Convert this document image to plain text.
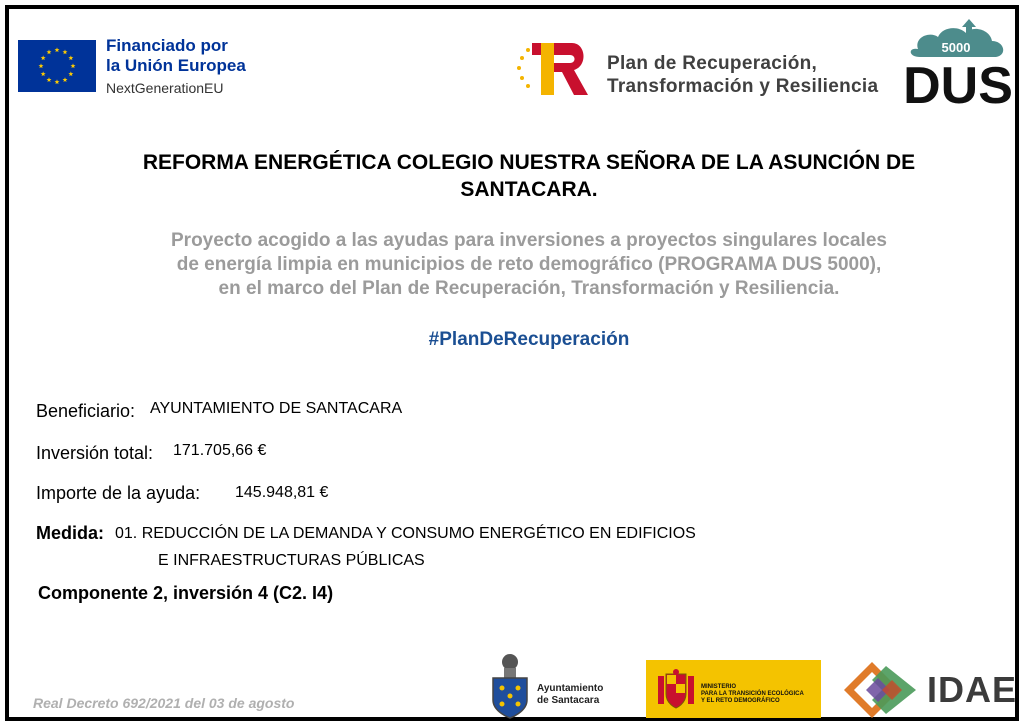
Financiado por
la Unión Europea
NextGenerationEU
Plan de Recuperación,
Transformación y Resiliencia
5000
DUS
REFORMA ENERGÉTICA COLEGIO NUESTRA SEÑORA DE LA ASUNCIÓN DE
SANTACARA.
Proyecto acogido a las ayudas para inversiones a proyectos singulares locales
de energía limpia en municipios de reto demográfico (PROGRAMA DUS 5000),
en el marco del Plan de Recuperación, Transformación y Resiliencia.
#PlanDeRecuperación
Beneficiario: AYUNTAMIENTO DE SANTACARA
Inversión total: 171.705,66 €
Importe de la ayuda: 145.948,81 €
Medida: 01. REDUCCIÓN DE LA DEMANDA Y CONSUMO ENERGÉTICO EN EDIFICIOS
E INFRAESTRUCTURAS PÚBLICAS
Componente 2, inversión 4 (C2. I4)
Real Decreto 692/2021 del 03 de agosto
Ayuntamiento
de Santacara
MINISTERIO
PARA LA TRANSICIÓN ECOLÓGICA
Y EL RETO DEMOGRÁFICO	IDAE
